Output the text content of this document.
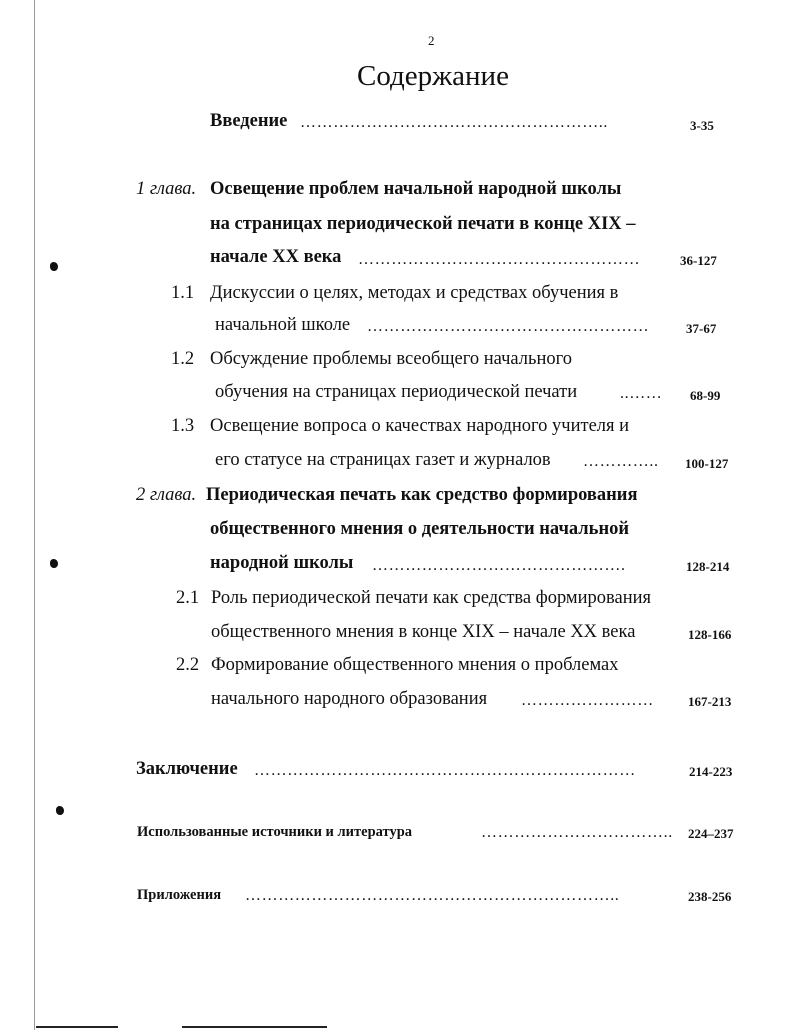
2
Содержание
Введение ………………………………………………..	3-35
1 глава. Освещение проблем начальной народной школы
на страницах периодической печати в конце XIX –
начале XX века ……………………………………………	36-127
1.1 Дискуссии о целях, методах и средствах обучения в
начальной школе ……………………………………………	37-67
1.2 Обсуждение проблемы всеобщего начального
обучения на страницах периодической печати	..……	68-99
1.3 Освещение вопроса о качествах народного учителя и
его статусе на страницах газет и журналов …………..	100-127
2 глава. Периодическая печать как средство формирования
общественного мнения о деятельности начальной
народной школы ……………………………………….	128-214
2.1 Роль периодической печати как средства формирования
общественного мнения в конце XIX – начале XX века	128-166
2.2 Формирование общественного мнения о проблемах
начального народного образования ……………………	167-213
Заключение ……………………………………………………………	214-223
Использованные источники и литература	……………………………..	224–237
Приложения …………………………………………………………..	238-256
